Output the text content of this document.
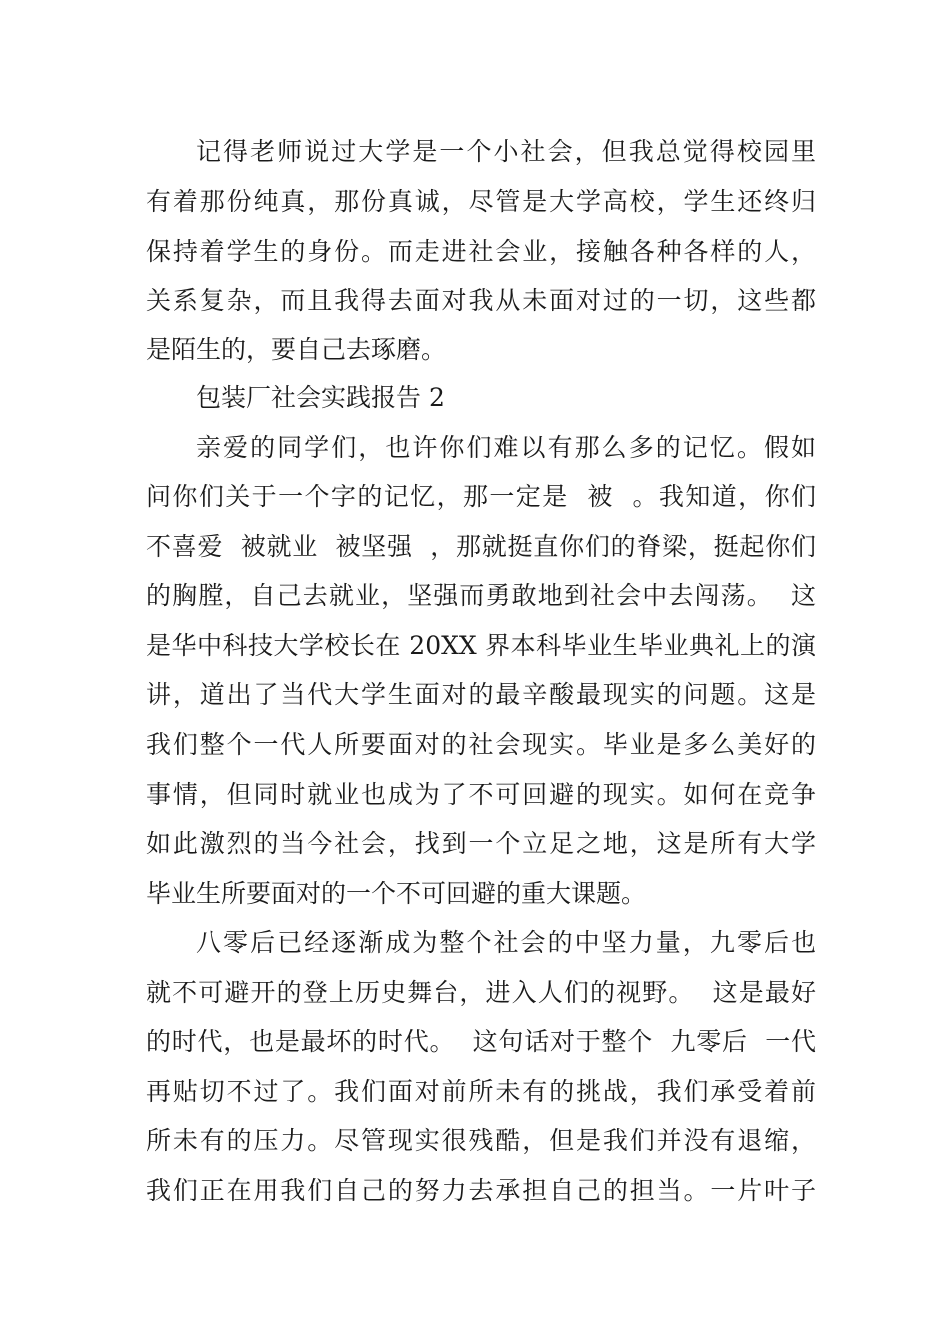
记得老师说过大学是一个小社会，但我总觉得校园里
有着那份纯真，那份真诚，尽管是大学高校，学生还终归
保持着学生的身份。而走进社会业，接触各种各样的人，
关系复杂，而且我得去面对我从未面对过的一切，这些都
是陌生的，要自己去琢磨。
包装厂社会实践报告 2
亲爱的同学们，也许你们难以有那么多的记忆。假如
问你们关于一个字的记忆，那一定是  被  。我知道，你们
不喜爱  被就业  被坚强  ，那就挺直你们的脊梁，挺起你们
的胸膛，自己去就业，坚强而勇敢地到社会中去闯荡。  这
是华中科技大学校长在 20XX 界本科毕业生毕业典礼上的演
讲，道出了当代大学生面对的最辛酸最现实的问题。这是
我们整个一代人所要面对的社会现实。毕业是多么美好的
事情，但同时就业也成为了不可回避的现实。如何在竞争
如此激烈的当今社会，找到一个立足之地，这是所有大学
毕业生所要面对的一个不可回避的重大课题。
八零后已经逐渐成为整个社会的中坚力量，九零后也
就不可避开的登上历史舞台，进入人们的视野。  这是最好
的时代，也是最坏的时代。  这句话对于整个  九零后  一代
再贴切不过了。我们面对前所未有的挑战，我们承受着前
所未有的压力。尽管现实很残酷，但是我们并没有退缩，
我们正在用我们自己的努力去承担自己的担当。一片叶子
